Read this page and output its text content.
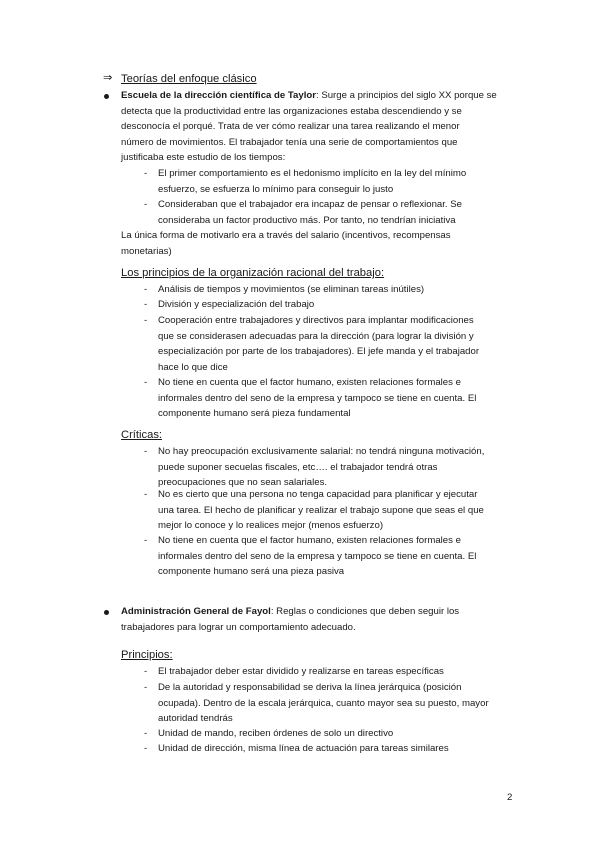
⇒ Teorías del enfoque clásico

Escuela de la dirección científica de Taylor: Surge a principios del siglo XX porque se

detecta que la productividad entre las organizaciones estaba descendiendo y se

desconocía el porqué. Trata de ver cómo realizar una tarea realizando el menor

número de movimientos. El trabajador tenía una serie de comportamientos que

justificaba este estudio de los tiempos:

- El primer comportamiento es el hedonismo implícito en la ley del mínimo

esfuerzo, se esfuerza lo mínimo para conseguir lo justo

- Consideraban que el trabajador era incapaz de pensar o reflexionar. Se

consideraba un factor productivo más. Por tanto, no tendrían iniciativa

La única forma de motivarlo era a través del salario (incentivos, recompensas

monetarias)

Los principios de la organización racional del trabajo:
- Análisis de tiempos y movimientos (se eliminan tareas inútiles)

- División y especialización del trabajo

- Cooperación entre trabajadores y directivos para implantar modificaciones

que se considerasen adecuadas para la dirección (para lograr la división y

especialización por parte de los trabajadores). El jefe manda y el trabajador

hace lo que dice

- No tiene en cuenta que el factor humano, existen relaciones formales e

informales dentro del seno de la empresa y tampoco se tiene en cuenta. El

componente humano será pieza fundamental

Críticas:
- No hay preocupación exclusivamente salarial: no tendrá ninguna motivación,

puede suponer secuelas fiscales, etc…. el trabajador tendrá otras

preocupaciones que no sean salariales.

- No es cierto que una persona no tenga capacidad para planificar y ejecutar

una tarea. El hecho de planificar y realizar el trabajo supone que seas el que

mejor lo conoce y lo realices mejor (menos esfuerzo)

- No tiene en cuenta que el factor humano, existen relaciones formales e

informales dentro del seno de la empresa y tampoco se tiene en cuenta. El

componente humano será una pieza pasiva

Administración General de Fayol: Reglas o condiciones que deben seguir los

trabajadores para lograr un comportamiento adecuado.

Principios:
- El trabajador deber estar dividido y realizarse en tareas específicas

- De la autoridad y responsabilidad se deriva la línea jerárquica (posición

ocupada). Dentro de la escala jerárquica, cuanto mayor sea su puesto, mayor

autoridad tendrás

- Unidad de mando, reciben órdenes de solo un directivo

- Unidad de dirección, misma línea de actuación para tareas similares

2
